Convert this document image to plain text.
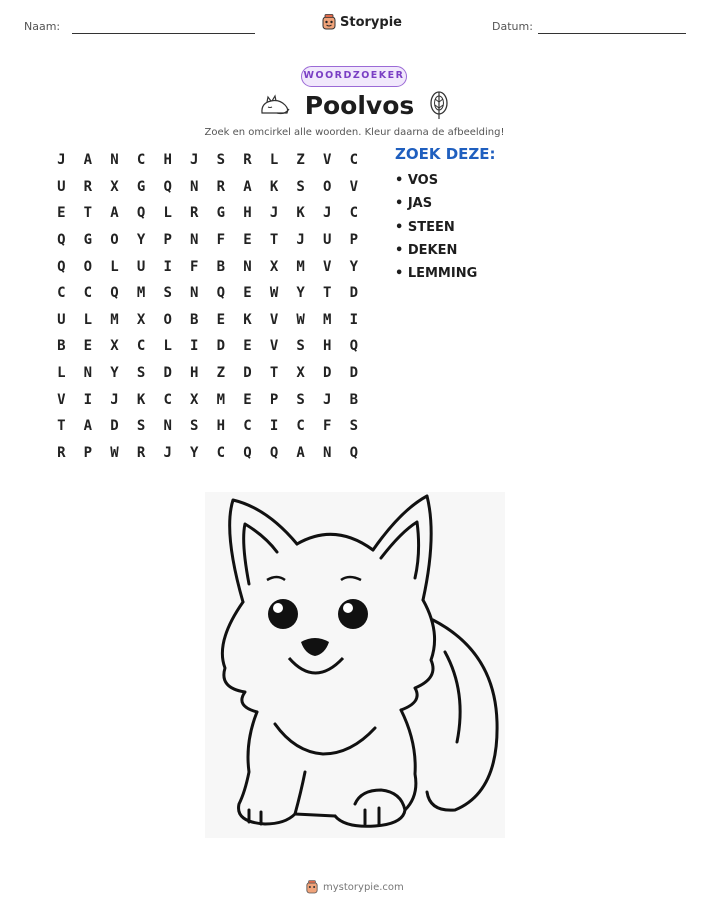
Naam:	Storypie	Datum:
WOORDZOEKER
Poolvos
Zoek en omcirkel alle woorden. Kleur daarna de afbeelding!
J	A	N	C	H	J	S	R	L	Z	V	C
U	R	X	G	Q	N	R	A	K	S	O	V
E	T	A	Q	L	R	G	H	J	K	J	C
Q	G	O	Y	P	N	F	E	T	J	U	P
Q	O	L	U	I	F	B	N	X	M	V	Y
C	C	Q	M	S	N	Q	E	W	Y	T	D
U	L	M	X	O	B	E	K	V	W	M	I
B	E	X	C	L	I	D	E	V	S	H	Q
L	N	Y	S	D	H	Z	D	T	X	D	D
V	I	J	K	C	X	M	E	P	S	J	B
T	A	D	S	N	S	H	C	I	C	F	S
R	P	W	R	J	Y	C	Q	Q	A	N	Q
ZOEK DEZE:
• VOS
• JAS
• STEEN
• DEKEN
• LEMMING
mystorypie.com
